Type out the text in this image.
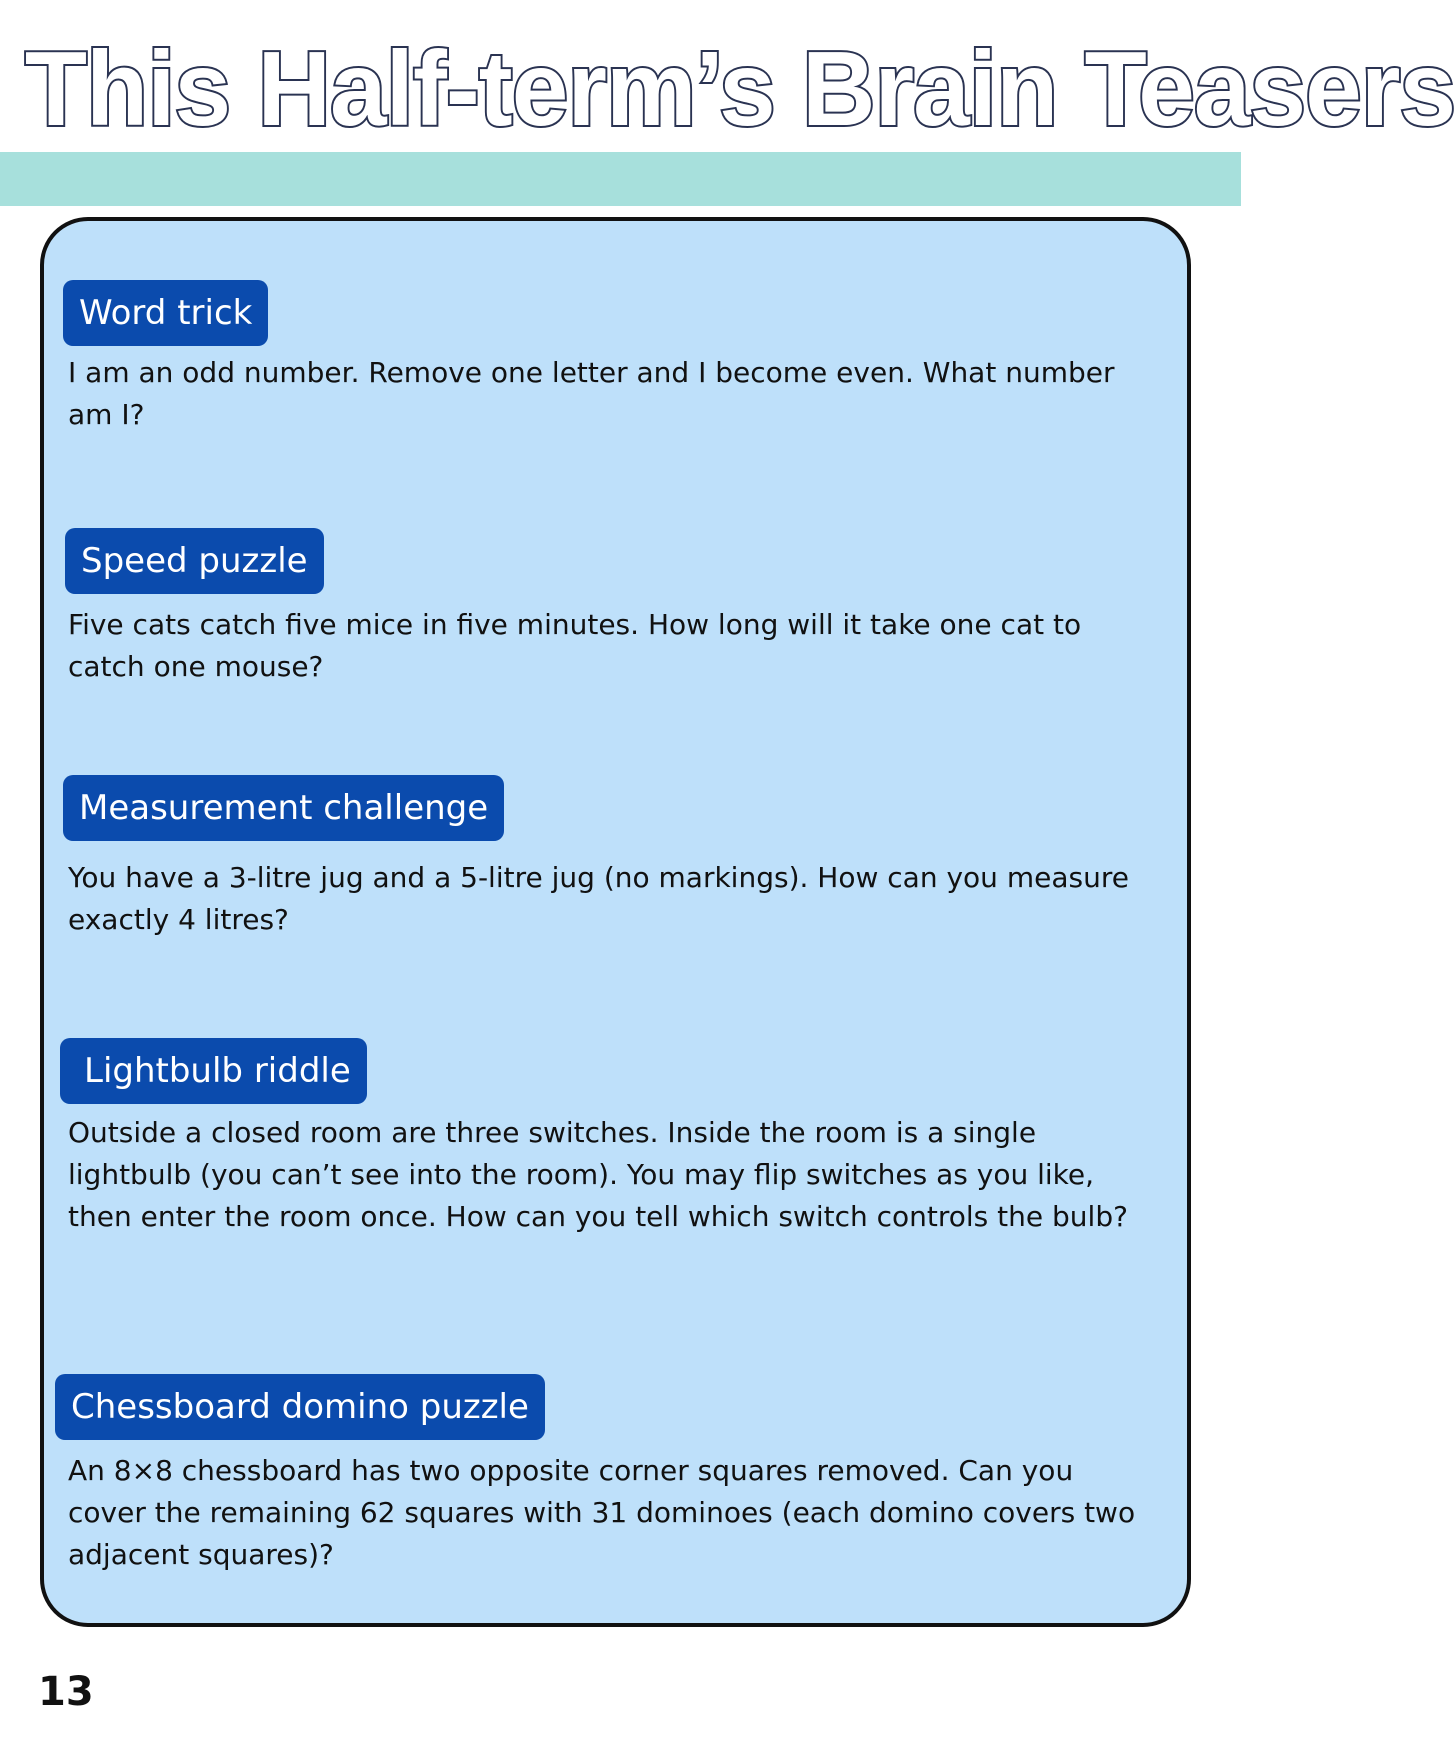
This Half-term’s Brain Teasers
Word trick

I am an odd number. Remove one letter and I become even. What number am I?

Speed puzzle

Five cats catch five mice in five minutes. How long will it take one cat to catch one mouse?

Measurement challenge

You have a 3-litre jug and a 5-litre jug (no markings). How can you measure exactly 4 litres?

Lightbulb riddle

Outside a closed room are three switches. Inside the room is a single lightbulb (you can’t see into the room). You may flip switches as you like, then enter the room once. How can you tell which switch controls the bulb?

Chessboard domino puzzle

An 8×8 chessboard has two opposite corner squares removed. Can you cover the remaining 62 squares with 31 dominoes (each domino covers two adjacent squares)?

13
